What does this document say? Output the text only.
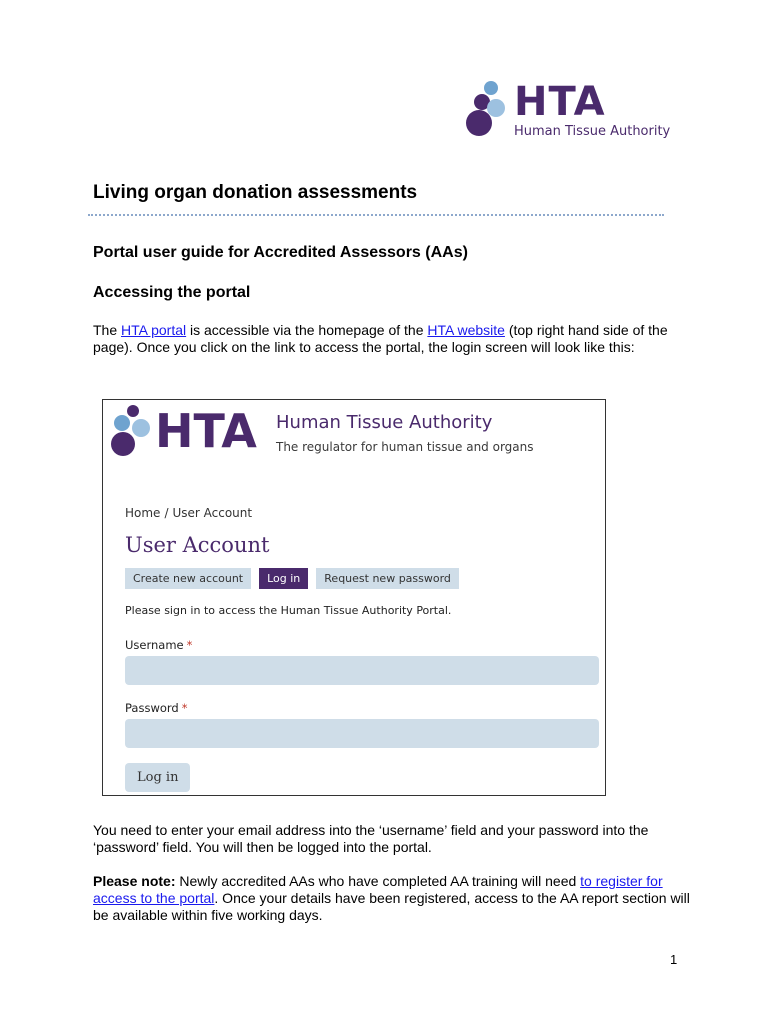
HTA
Human Tissue Authority
Living organ donation assessments
Portal user guide for Accredited Assessors (AAs)
Accessing the portal

The HTA portal is accessible via the homepage of the HTA website (top right hand side of the page). Once you click on the link to access the portal, the login screen will look like this:

HTA Human Tissue Authority
The regulator for human tissue and organs
Home / User Account
User Account
Create new account	Log in	Request new password
Please sign in to access the Human Tissue Authority Portal.
Username *
Password *
Log in

You need to enter your email address into the ‘username’ field and your password into the ‘password’ field. You will then be logged into the portal.

Please note: Newly accredited AAs who have completed AA training will need to register for access to the portal. Once your details have been registered, access to the AA report section will be available within five working days.

1
